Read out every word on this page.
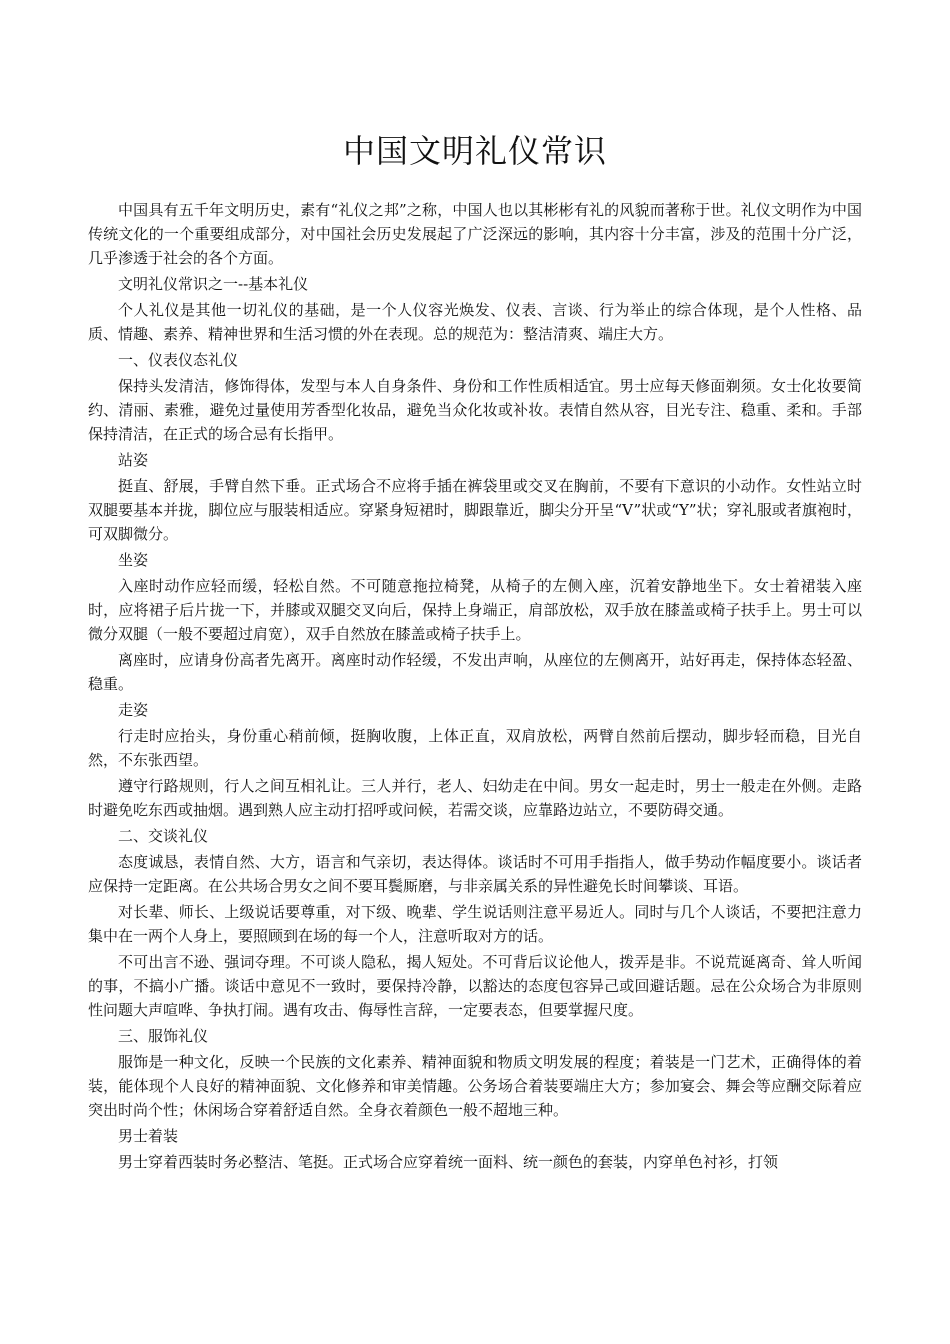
中国文明礼仪常识

中国具有五千年文明历史，素有“礼仪之邦”之称，中国人也以其彬彬有礼的风貌而著称于世。礼仪文明作为中国传统文化的一个重要组成部分，对中国社会历史发展起了广泛深远的影响，其内容十分丰富，涉及的范围十分广泛，几乎渗透于社会的各个方面。

文明礼仪常识之一--基本礼仪

个人礼仪是其他一切礼仪的基础，是一个人仪容光焕发、仪表、言谈、行为举止的综合体现，是个人性格、品质、情趣、素养、精神世界和生活习惯的外在表现。总的规范为：整洁清爽、端庄大方。

一、仪表仪态礼仪

保持头发清洁，修饰得体，发型与本人自身条件、身份和工作性质相适宜。男士应每天修面剃须。女士化妆要简约、清丽、素雅，避免过量使用芳香型化妆品，避免当众化妆或补妆。表情自然从容，目光专注、稳重、柔和。手部保持清洁，在正式的场合忌有长指甲。

站姿

挺直、舒展，手臂自然下垂。正式场合不应将手插在裤袋里或交叉在胸前，不要有下意识的小动作。女性站立时双腿要基本并拢，脚位应与服装相适应。穿紧身短裙时，脚跟靠近，脚尖分开呈“V”状或“Y”状；穿礼服或者旗袍时，可双脚微分。

坐姿

入座时动作应轻而缓，轻松自然。不可随意拖拉椅凳，从椅子的左侧入座，沉着安静地坐下。女士着裙装入座时，应将裙子后片拢一下，并膝或双腿交叉向后，保持上身端正，肩部放松，双手放在膝盖或椅子扶手上。男士可以微分双腿（一般不要超过肩宽），双手自然放在膝盖或椅子扶手上。

离座时，应请身份高者先离开。离座时动作轻缓，不发出声响，从座位的左侧离开，站好再走，保持体态轻盈、稳重。

走姿

行走时应抬头，身份重心稍前倾，挺胸收腹，上体正直，双肩放松，两臂自然前后摆动，脚步轻而稳，目光自然，不东张西望。

遵守行路规则，行人之间互相礼让。三人并行，老人、妇幼走在中间。男女一起走时，男士一般走在外侧。走路时避免吃东西或抽烟。遇到熟人应主动打招呼或问候，若需交谈，应靠路边站立，不要防碍交通。

二、交谈礼仪

态度诚恳，表情自然、大方，语言和气亲切，表达得体。谈话时不可用手指指人，做手势动作幅度要小。谈话者应保持一定距离。在公共场合男女之间不要耳鬓厮磨，与非亲属关系的异性避免长时间攀谈、耳语。

对长辈、师长、上级说话要尊重，对下级、晚辈、学生说话则注意平易近人。同时与几个人谈话，不要把注意力集中在一两个人身上，要照顾到在场的每一个人，注意听取对方的话。

不可出言不逊、强词夺理。不可谈人隐私，揭人短处。不可背后议论他人，拨弄是非。不说荒诞离奇、耸人听闻的事，不搞小广播。谈话中意见不一致时，要保持冷静，以豁达的态度包容异己或回避话题。忌在公众场合为非原则性问题大声喧哗、争执打闹。遇有攻击、侮辱性言辞，一定要表态，但要掌握尺度。

三、服饰礼仪

服饰是一种文化，反映一个民族的文化素养、精神面貌和物质文明发展的程度；着装是一门艺术，正确得体的着装，能体现个人良好的精神面貌、文化修养和审美情趣。公务场合着装要端庄大方；参加宴会、舞会等应酬交际着应突出时尚个性；休闲场合穿着舒适自然。全身衣着颜色一般不超地三种。

男士着装

男士穿着西装时务必整洁、笔挺。正式场合应穿着统一面料、统一颜色的套装，内穿单色衬衫，打领
